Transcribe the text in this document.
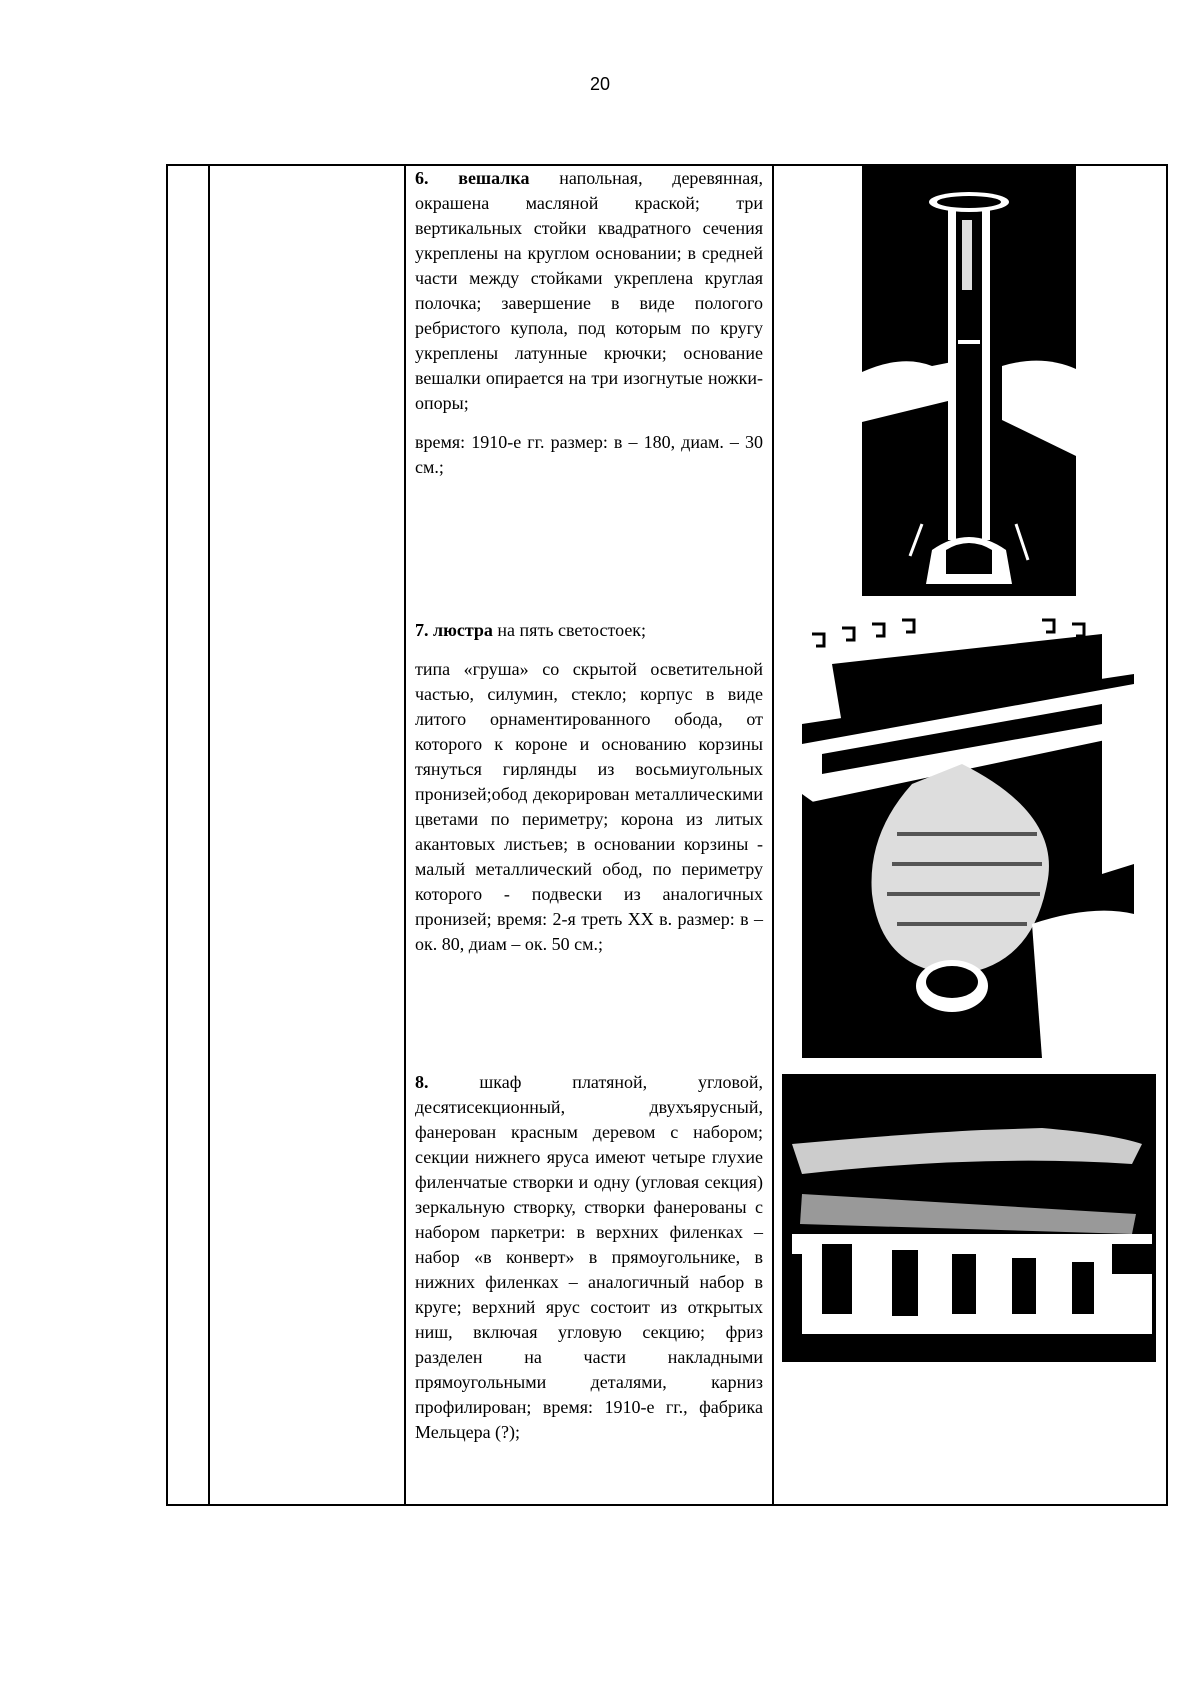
20

6. вешалка напольная, деревянная, окрашена масляной краской; три вертикальных стойки квадратного сечения укреплены на круглом основании; в средней части между стойками укреплена круглая полочка; завершение в виде пологого ребристого купола, под которым по кругу укреплены латунные крючки; основание вешалки опирается на три изогнутые ножки-опоры;

время: 1910-е гг. размер: в – 180, диам. – 30 см.;

7. люстра на пять светостоек;

типа «груша» со скрытой осветительной частью, силумин, стекло; корпус в виде литого орнаментированного обода, от которого к короне и основанию корзины тянуться гирлянды из восьмиугольных пронизей;обод декорирован металлическими цветами по периметру; корона из литых акантовых листьев; в основании корзины - малый металлический обод, по периметру которого - подвески из аналогичных пронизей; время: 2-я треть XX в. размер: в – ок. 80, диам – ок. 50 см.;

8. шкаф платяной, угловой, десятисекционный, двухъярусный, фанерован красным деревом с набором; секции нижнего яруса имеют четыре глухие филенчатые створки и одну (угловая секция) зеркальную створку, створки фанерованы с набором паркетри: в верхних филенках – набор «в конверт» в прямоугольнике, в нижних филенках – аналогичный набор в круге; верхний ярус состоит из открытых ниш, включая угловую секцию; фриз разделен на части накладными прямоугольными деталями, карниз профилирован; время: 1910-е гг., фабрика Мельцера (?);
